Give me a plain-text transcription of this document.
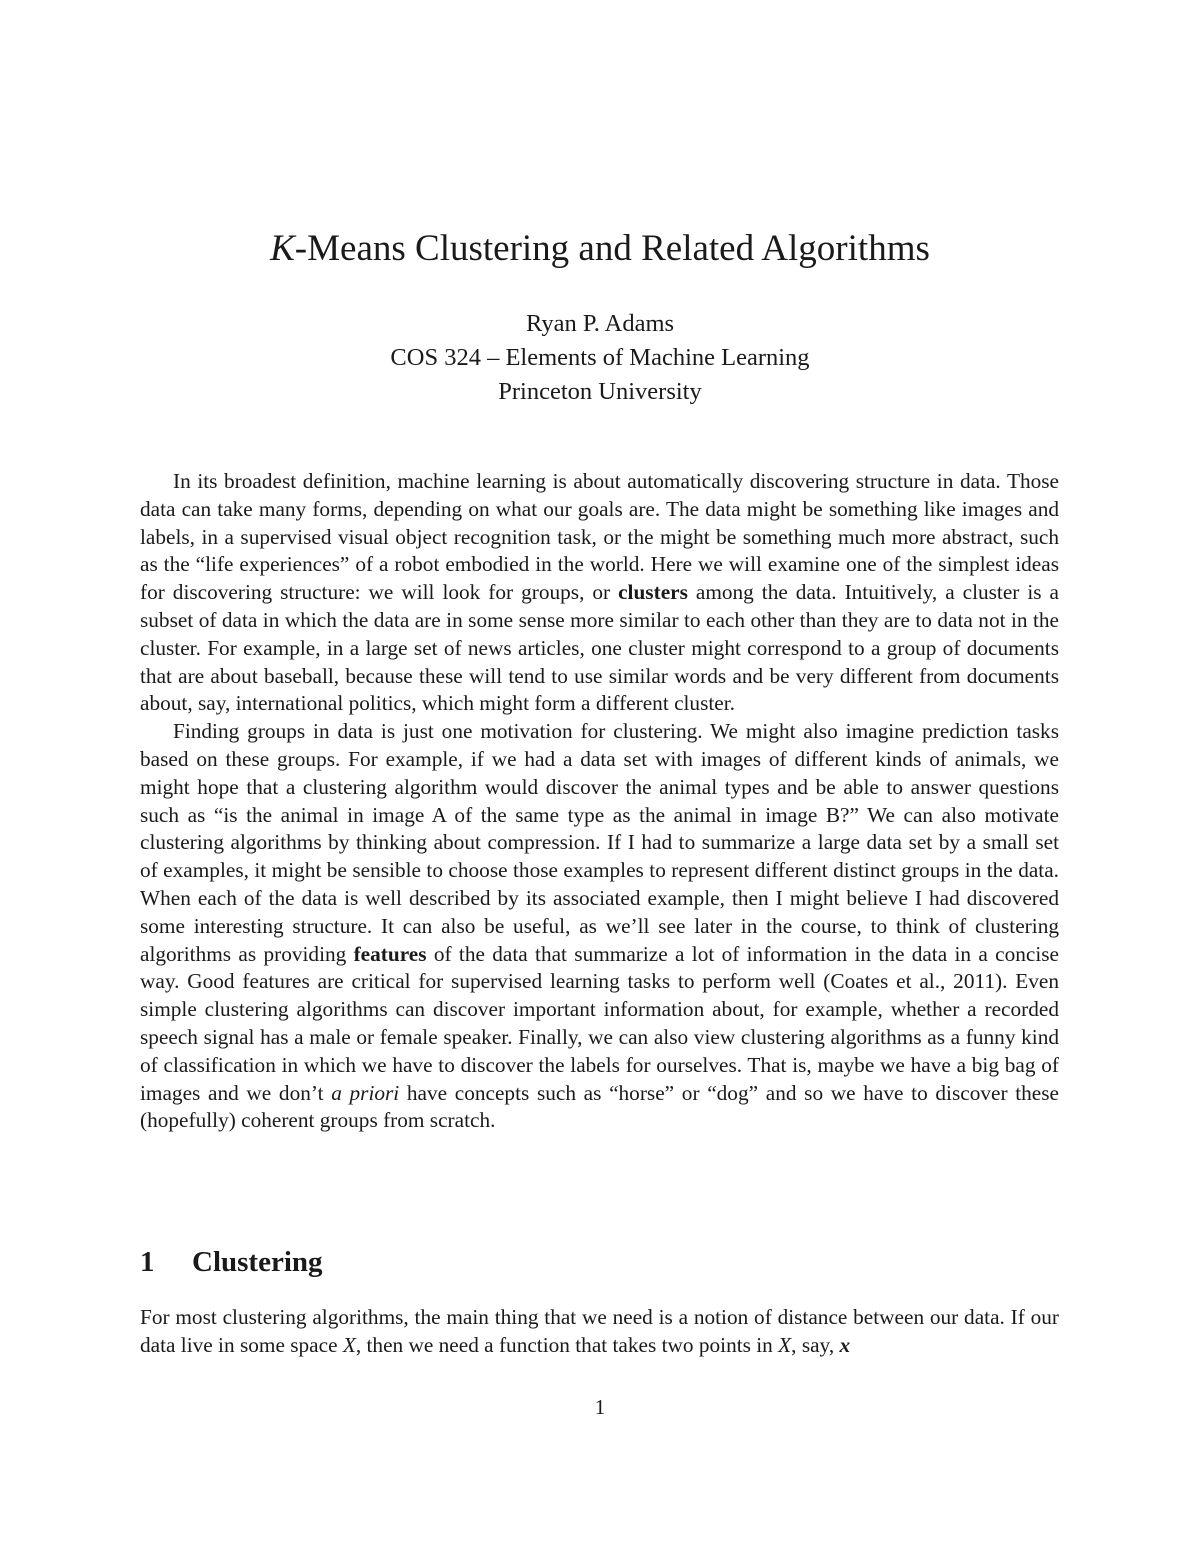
K-Means Clustering and Related Algorithms
Ryan P. Adams
COS 324 – Elements of Machine Learning
Princeton University

In its broadest definition, machine learning is about automatically discovering structure in data. Those data can take many forms, depending on what our goals are. The data might be something like images and labels, in a supervised visual object recognition task, or the might be something much more abstract, such as the “life experiences” of a robot embodied in the world. Here we will examine one of the simplest ideas for discovering structure: we will look for groups, or clusters among the data. Intuitively, a cluster is a subset of data in which the data are in some sense more similar to each other than they are to data not in the cluster. For example, in a large set of news articles, one cluster might correspond to a group of documents that are about baseball, because these will tend to use similar words and be very different from documents about, say, international politics, which might form a different cluster.

Finding groups in data is just one motivation for clustering. We might also imagine prediction tasks based on these groups. For example, if we had a data set with images of different kinds of animals, we might hope that a clustering algorithm would discover the animal types and be able to answer questions such as “is the animal in image A of the same type as the animal in image B?” We can also motivate clustering algorithms by thinking about compression. If I had to summarize a large data set by a small set of examples, it might be sensible to choose those examples to represent different distinct groups in the data. When each of the data is well described by its associated example, then I might believe I had discovered some interesting structure. It can also be useful, as we’ll see later in the course, to think of clustering algorithms as providing features of the data that summarize a lot of information in the data in a concise way. Good features are critical for supervised learning tasks to perform well (Coates et al., 2011). Even simple clustering algorithms can discover important information about, for example, whether a recorded speech signal has a male or female speaker. Finally, we can also view clustering algorithms as a funny kind of classification in which we have to discover the labels for ourselves. That is, maybe we have a big bag of images and we don’t a priori have concepts such as “horse” or “dog” and so we have to discover these (hopefully) coherent groups from scratch.

1 Clustering

For most clustering algorithms, the main thing that we need is a notion of distance between our data. If our data live in some space X, then we need a function that takes two points in X, say, x

1
